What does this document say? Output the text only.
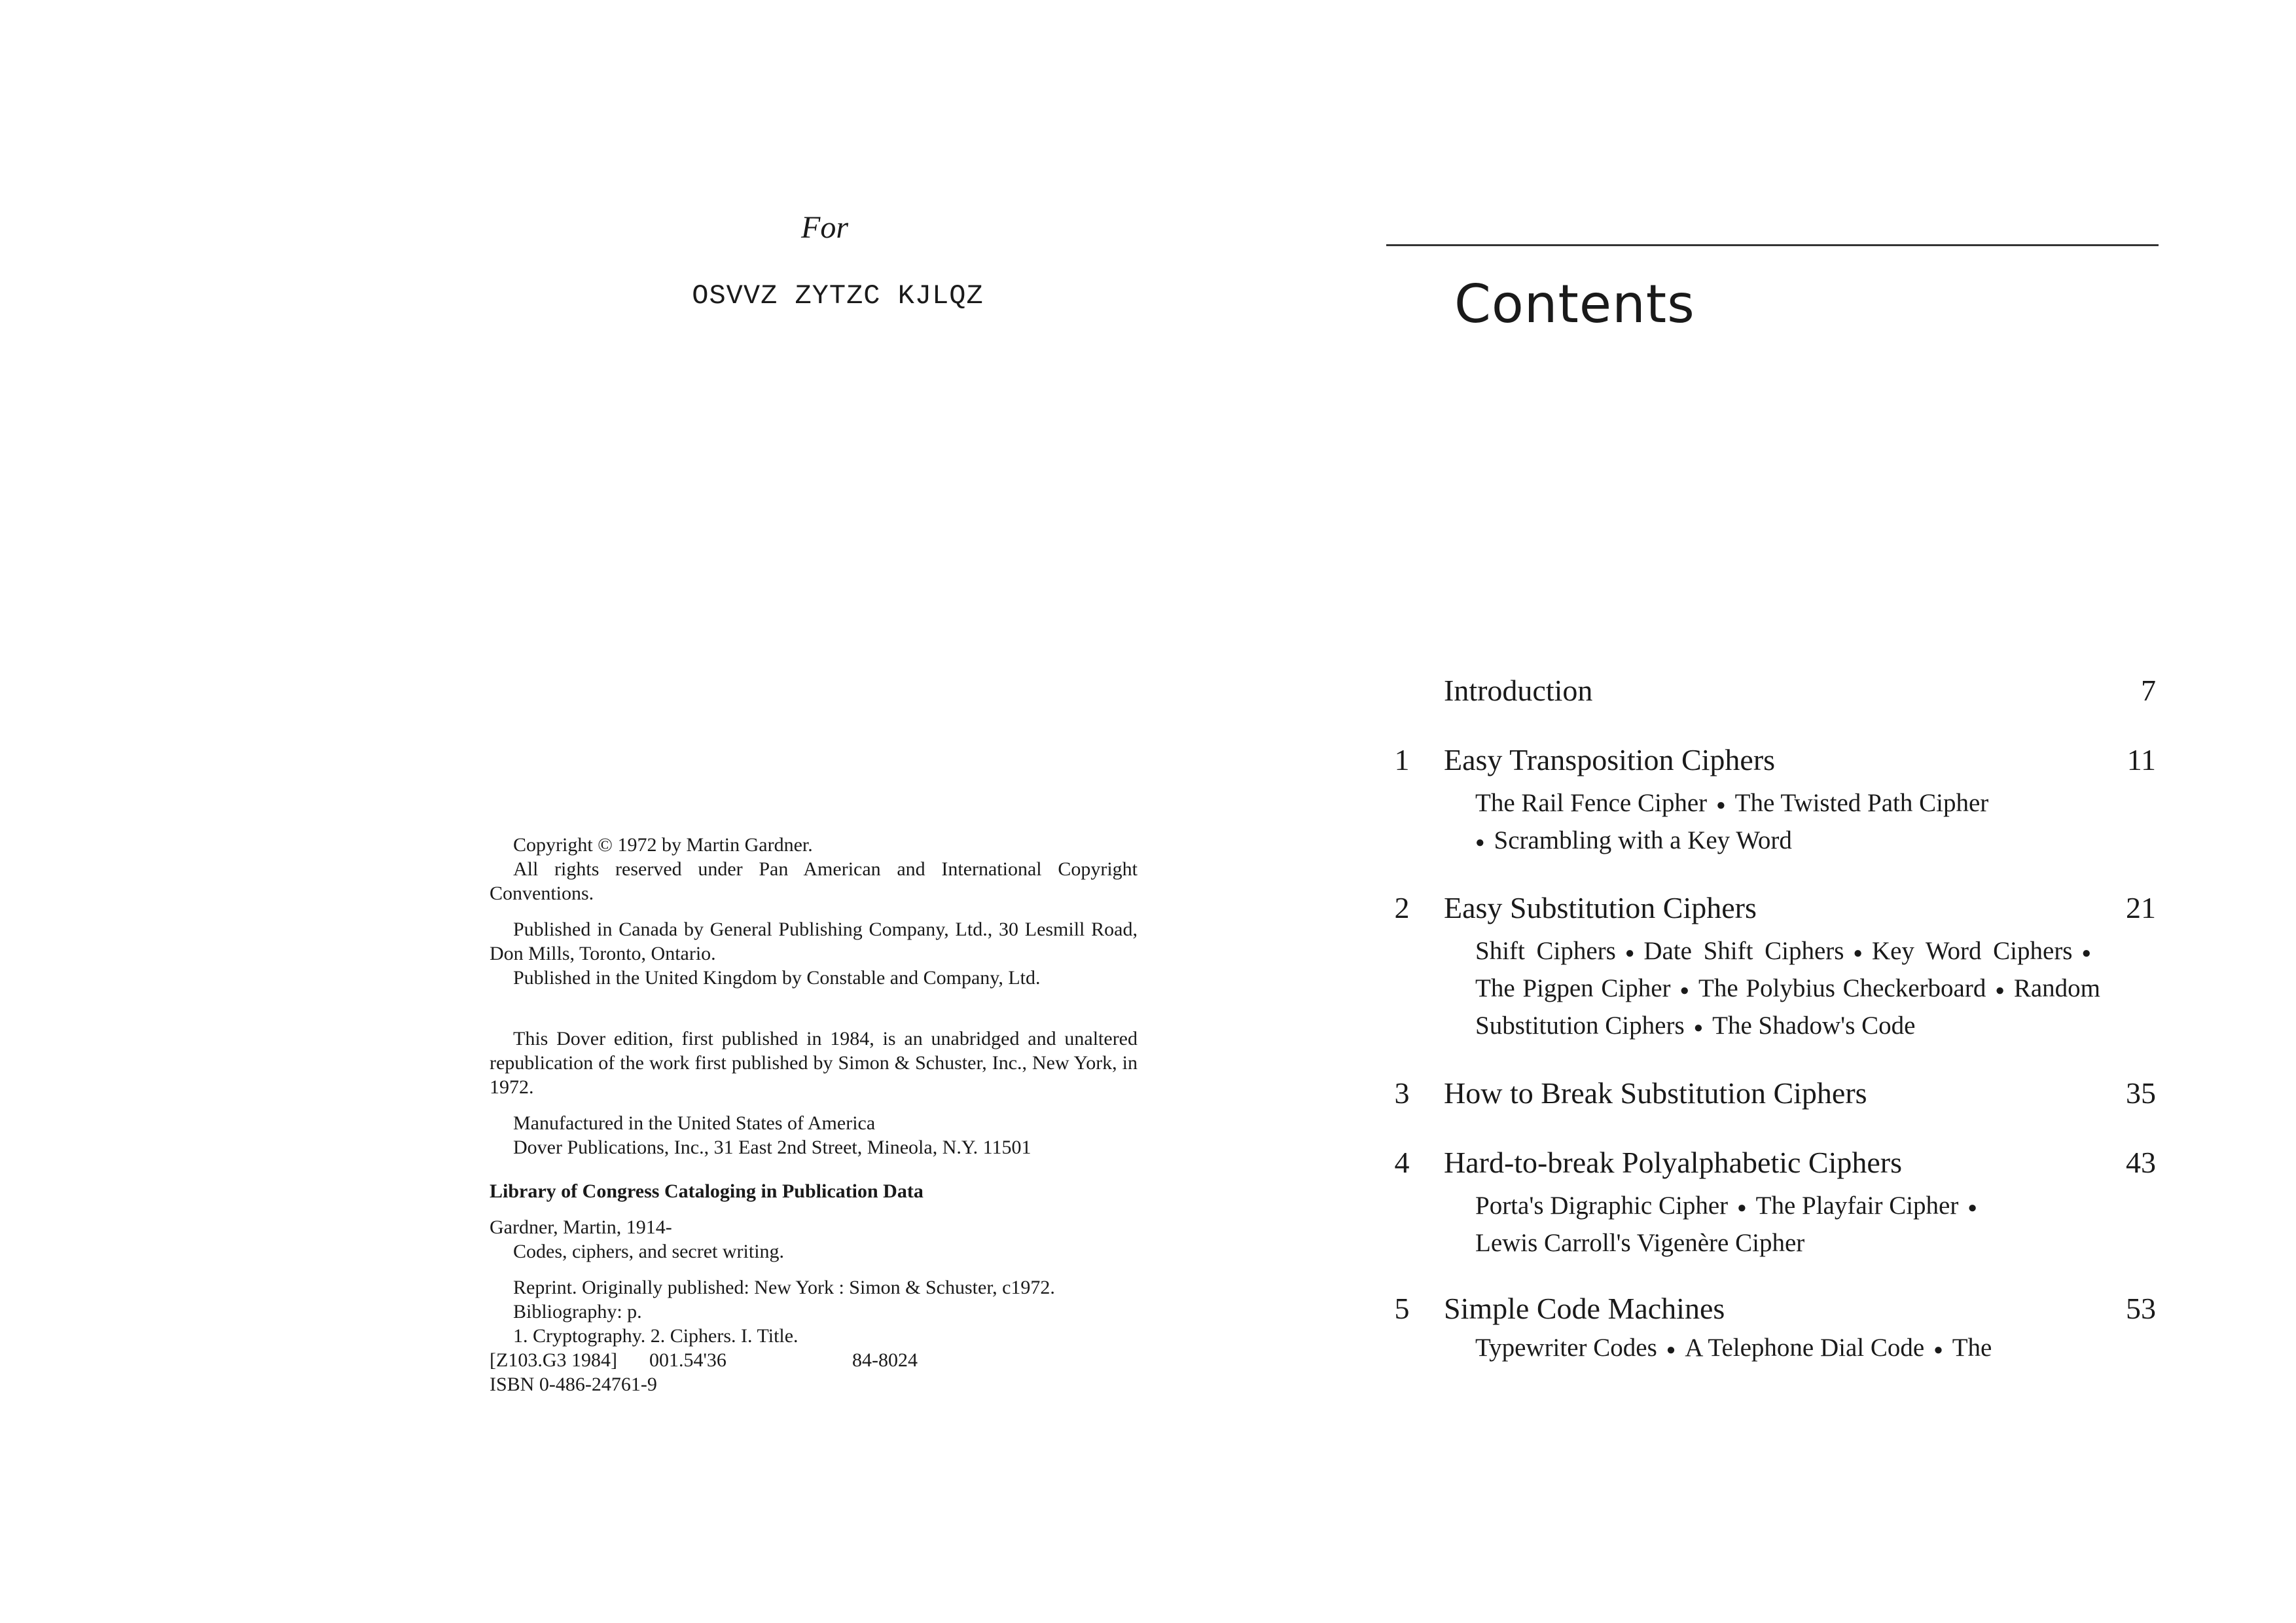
For
OSVVZ ZYTZC KJLQZ

Copyright © 1972 by Martin Gardner.

All rights reserved under Pan American and International Copyright Conventions.

Published in Canada by General Publishing Company, Ltd., 30 Lesmill Road, Don Mills, Toronto, Ontario.

Published in the United Kingdom by Constable and Company, Ltd.

This Dover edition, first published in 1984, is an unabridged and unaltered republication of the work first published by Simon & Schuster, Inc., New York, in 1972.

Manufactured in the United States of America

Dover Publications, Inc., 31 East 2nd Street, Mineola, N.Y. 11501

Library of Congress Cataloging in Publication Data

Gardner, Martin, 1914-

Codes, ciphers, and secret writing.

Reprint. Originally published: New York : Simon & Schuster, c1972.

Bibliography: p.

1. Cryptography. 2. Ciphers. I. Title.

[Z103.G3 1984]	001.54'36	84-8024

ISBN 0-486-24761-9

Contents
Introduction	7
1 Easy Transposition Ciphers	11
The Rail Fence Cipher ● The Twisted Path Cipher
● Scrambling with a Key Word
2 Easy Substitution Ciphers	21
Shift Ciphers ● Date Shift Ciphers ● Key Word Ciphers ●The Pigpen Cipher ● The Polybius Checkerboard ● Random Substitution Ciphers ● The Shadow's Code
3 How to Break Substitution Ciphers	35
4 Hard-to-break Polyalphabetic Ciphers	43
Porta's Digraphic Cipher ● The Playfair Cipher ●
Lewis Carroll's Vigenère Cipher
5 Simple Code Machines	53
Typewriter Codes ● A Telephone Dial Code ● The
